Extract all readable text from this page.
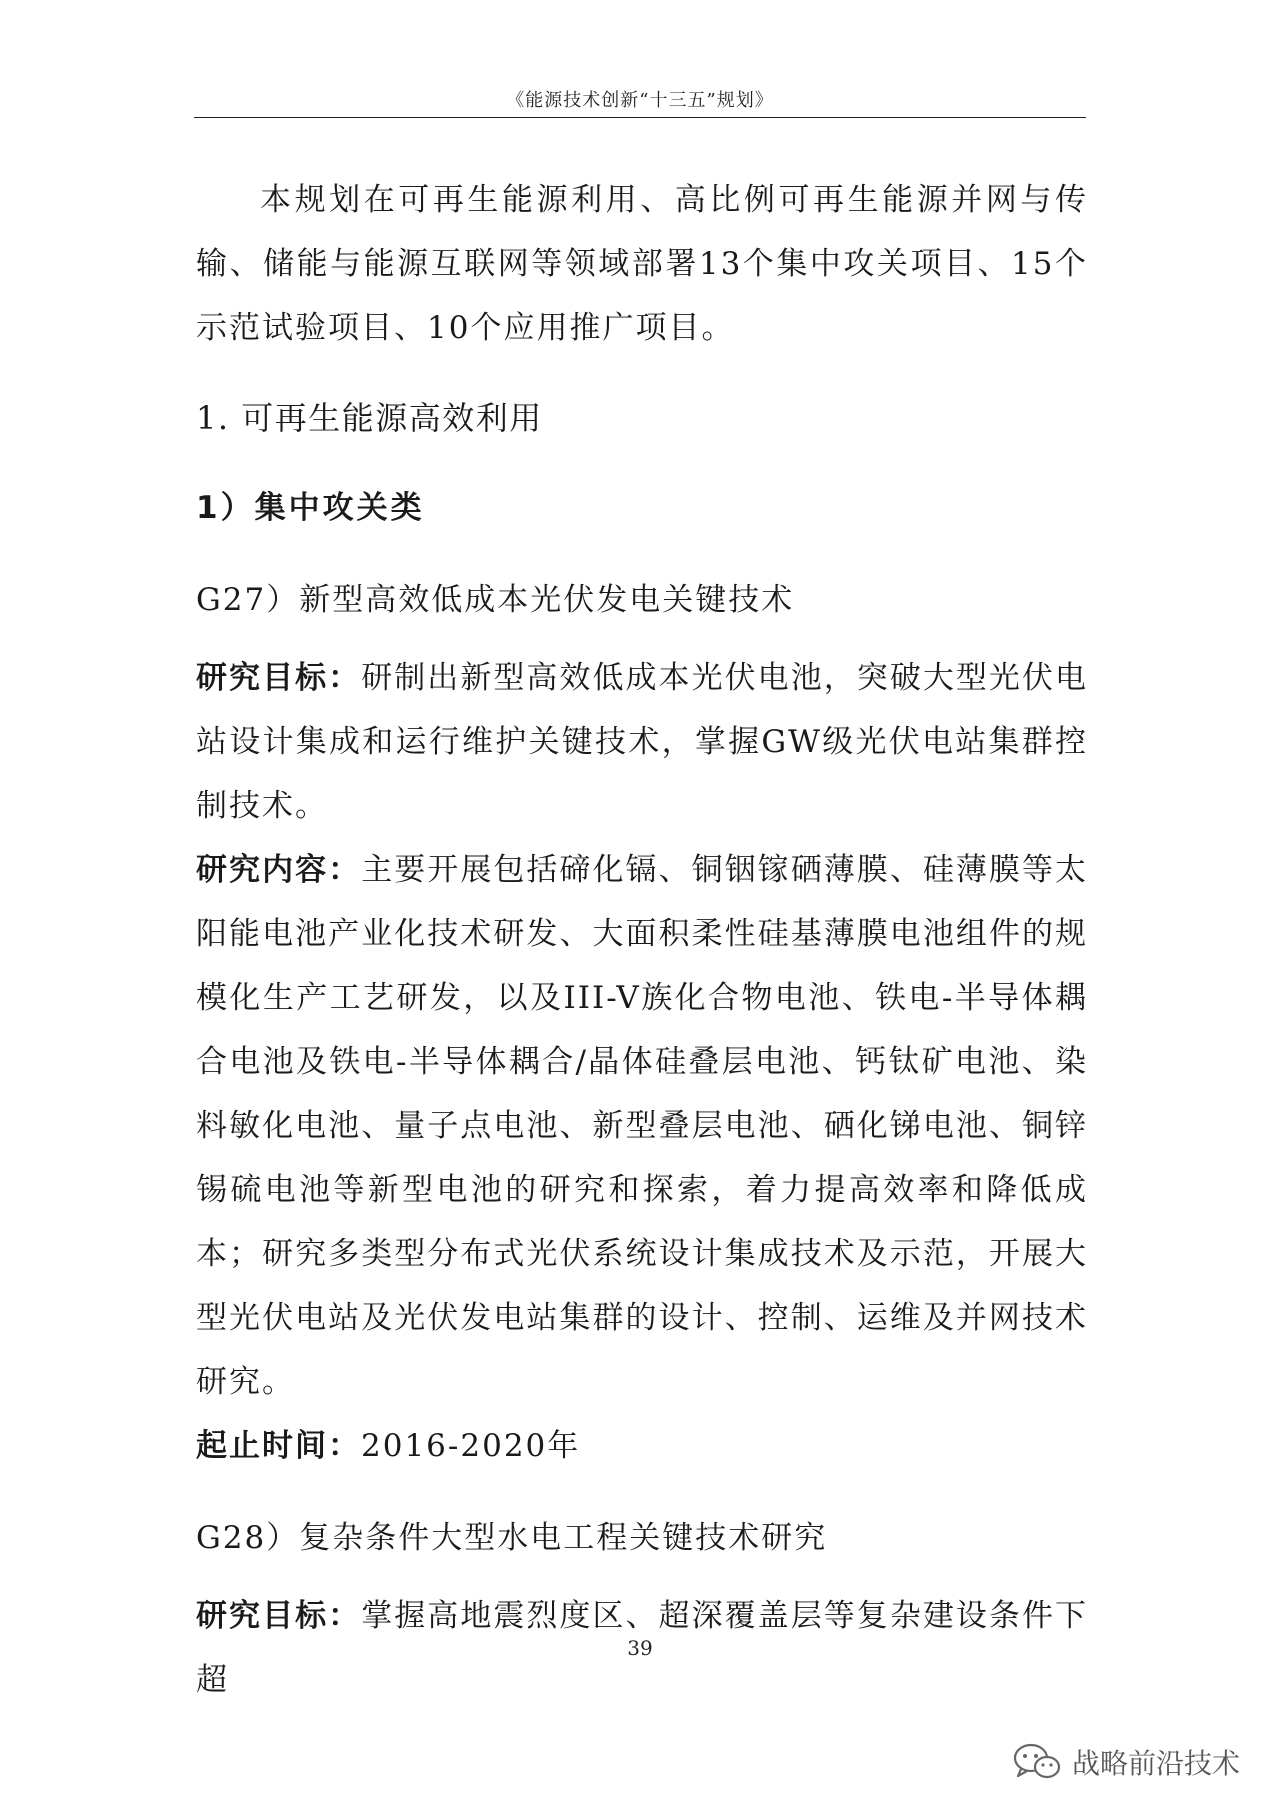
《能源技术创新“十三五”规划》

本规划在可再生能源利用、高比例可再生能源并网与传输、储能与能源互联网等领域部署13个集中攻关项目、15个示范试验项目、10个应用推广项目。

1. 可再生能源高效利用
1）集中攻关类
G27）新型高效低成本光伏发电关键技术

研究目标：研制出新型高效低成本光伏电池，突破大型光伏电站设计集成和运行维护关键技术，掌握GW级光伏电站集群控制技术。

研究内容：主要开展包括碲化镉、铜铟镓硒薄膜、硅薄膜等太阳能电池产业化技术研发、大面积柔性硅基薄膜电池组件的规模化生产工艺研发，以及III-V族化合物电池、铁电-半导体耦合电池及铁电-半导体耦合/晶体硅叠层电池、钙钛矿电池、染料敏化电池、量子点电池、新型叠层电池、硒化锑电池、铜锌锡硫电池等新型电池的研究和探索，着力提高效率和降低成本；研究多类型分布式光伏系统设计集成技术及示范，开展大型光伏电站及光伏发电站集群的设计、控制、运维及并网技术研究。

起止时间：2016-2020年

G28）复杂条件大型水电工程关键技术研究

研究目标：掌握高地震烈度区、超深覆盖层等复杂建设条件下超

39
战略前沿技术
